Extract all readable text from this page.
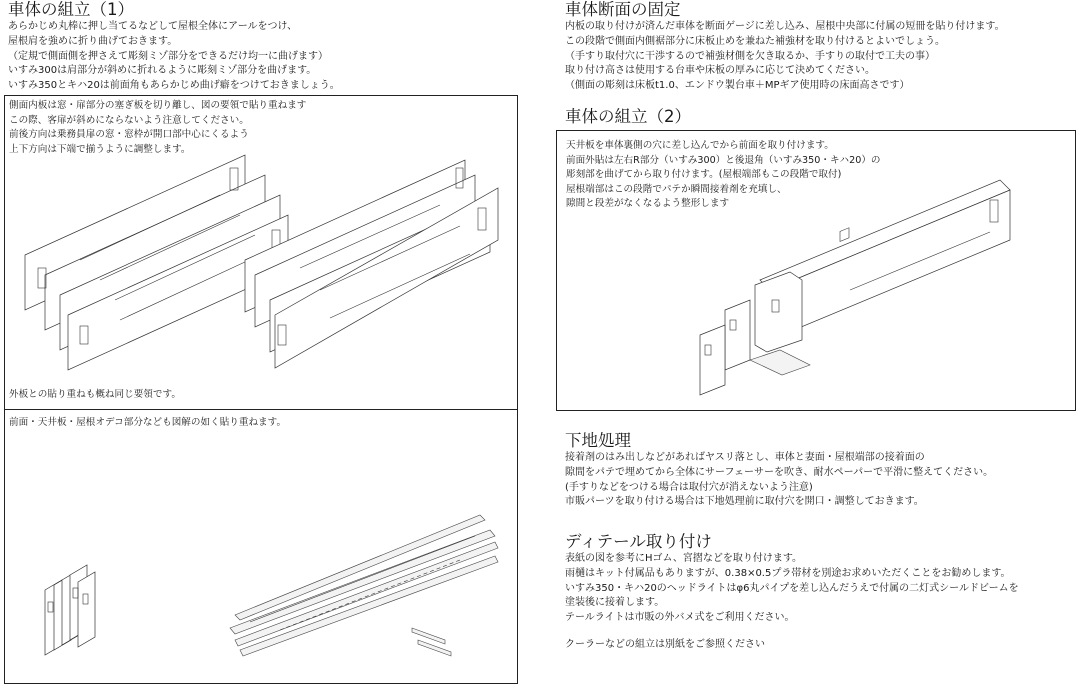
車体の組立（1）
あらかじめ丸棒に押し当てるなどして屋根全体にアールをつけ、
屋根肩を強めに折り曲げておきます。
（定規で側面側を押さえて彫刻ミゾ部分をできるだけ均一に曲げます）
いすみ300は肩部分が斜めに折れるように彫刻ミゾ部分を曲げます。
いすみ350とキハ20は前面角もあらかじめ曲げ癖をつけておきましょう。
側面内板は窓・扉部分の塞ぎ板を切り離し、図の要領で貼り重ねます
この際、客扉が斜めにならないよう注意してください。
前後方向は乗務員扉の窓・窓枠が開口部中心にくるよう
上下方向は下端で揃うように調整します。
外板との貼り重ねも概ね同じ要領です。
前面・天井板・屋根オデコ部分なども図解の如く貼り重ねます。
車体断面の固定
内板の取り付けが済んだ車体を断面ゲージに差し込み、屋根中央部に付属の短冊を貼り付けます。
この段階で側面内側裾部分に床板止めを兼ねた補強材を取り付けるとよいでしょう。
（手すり取付穴に干渉するので補強材側を欠き取るか、手すりの取付で工夫の事）
取り付け高さは使用する台車や床板の厚みに応じて決めてください。
（側面の彫刻は床板t1.0、エンドウ製台車＋MPギア使用時の床面高さです）
車体の組立（2）
天井板を車体裏側の穴に差し込んでから前面を取り付けます。
前面外貼は左右R部分（いすみ300）と後退角（いすみ350・キハ20）の
彫刻部を曲げてから取り付けます。(屋根端部もこの段階で取付)
屋根端部はこの段階でパテか瞬間接着剤を充填し、
隙間と段差がなくなるよう整形します
下地処理
接着剤のはみ出しなどがあればヤスリ落とし、車体と妻面・屋根端部の接着面の
隙間をパテで埋めてから全体にサーフェーサーを吹き、耐水ペーパーで平滑に整えてください。
(手すりなどをつける場合は取付穴が消えないよう注意)
市販パーツを取り付ける場合は下地処理前に取付穴を開口・調整しておきます。
ディテール取り付け
表紙の図を参考にHゴム、宮摺などを取り付けます。
雨樋はキット付属品もありますが、0.38×0.5プラ帯材を別途お求めいただくことをお勧めします。
いすみ350・キハ20のヘッドライトはφ6丸パイプを差し込んだうえで付属の二灯式シールドビームを
塗装後に接着します。
テールライトは市販の外バメ式をご利用ください。
クーラーなどの組立は別紙をご参照ください
